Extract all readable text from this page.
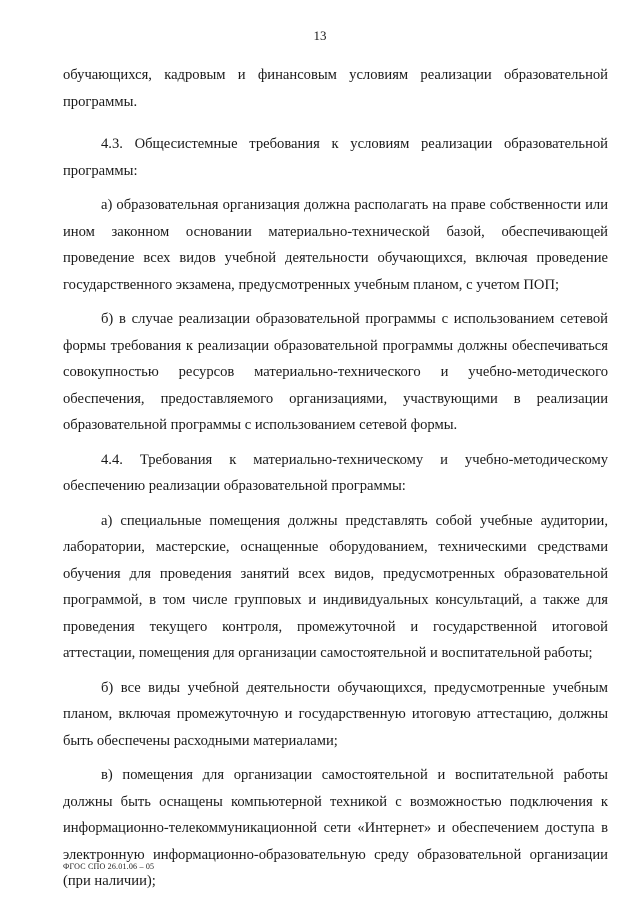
13

обучающихся, кадровым и финансовым условиям реализации образовательной программы.

4.3. Общесистемные требования к условиям реализации образовательной программы:

а) образовательная организация должна располагать на праве собственности или ином законном основании материально-технической базой, обеспечивающей проведение всех видов учебной деятельности обучающихся, включая проведение государственного экзамена, предусмотренных учебным планом, с учетом ПОП;

б) в случае реализации образовательной программы с использованием сетевой формы требования к реализации образовательной программы должны обеспечиваться совокупностью ресурсов материально-технического и учебно-методического обеспечения, предоставляемого организациями, участвующими в реализации образовательной программы с использованием сетевой формы.

4.4. Требования к материально-техническому и учебно-методическому обеспечению реализации образовательной программы:

а) специальные помещения должны представлять собой учебные аудитории, лаборатории, мастерские, оснащенные оборудованием, техническими средствами обучения для проведения занятий всех видов, предусмотренных образовательной программой, в том числе групповых и индивидуальных консультаций, а также для проведения текущего контроля, промежуточной и государственной итоговой аттестации, помещения для организации самостоятельной и воспитательной работы;

б) все виды учебной деятельности обучающихся, предусмотренные учебным планом, включая промежуточную и государственную итоговую аттестацию, должны быть обеспечены расходными материалами;

в) помещения для организации самостоятельной и воспитательной работы должны быть оснащены компьютерной техникой с возможностью подключения к информационно-телекоммуникационной сети «Интернет» и обеспечением доступа в электронную информационно-образовательную среду образовательной организации (при наличии);

ФГОС СПО 26.01.06 – 05
